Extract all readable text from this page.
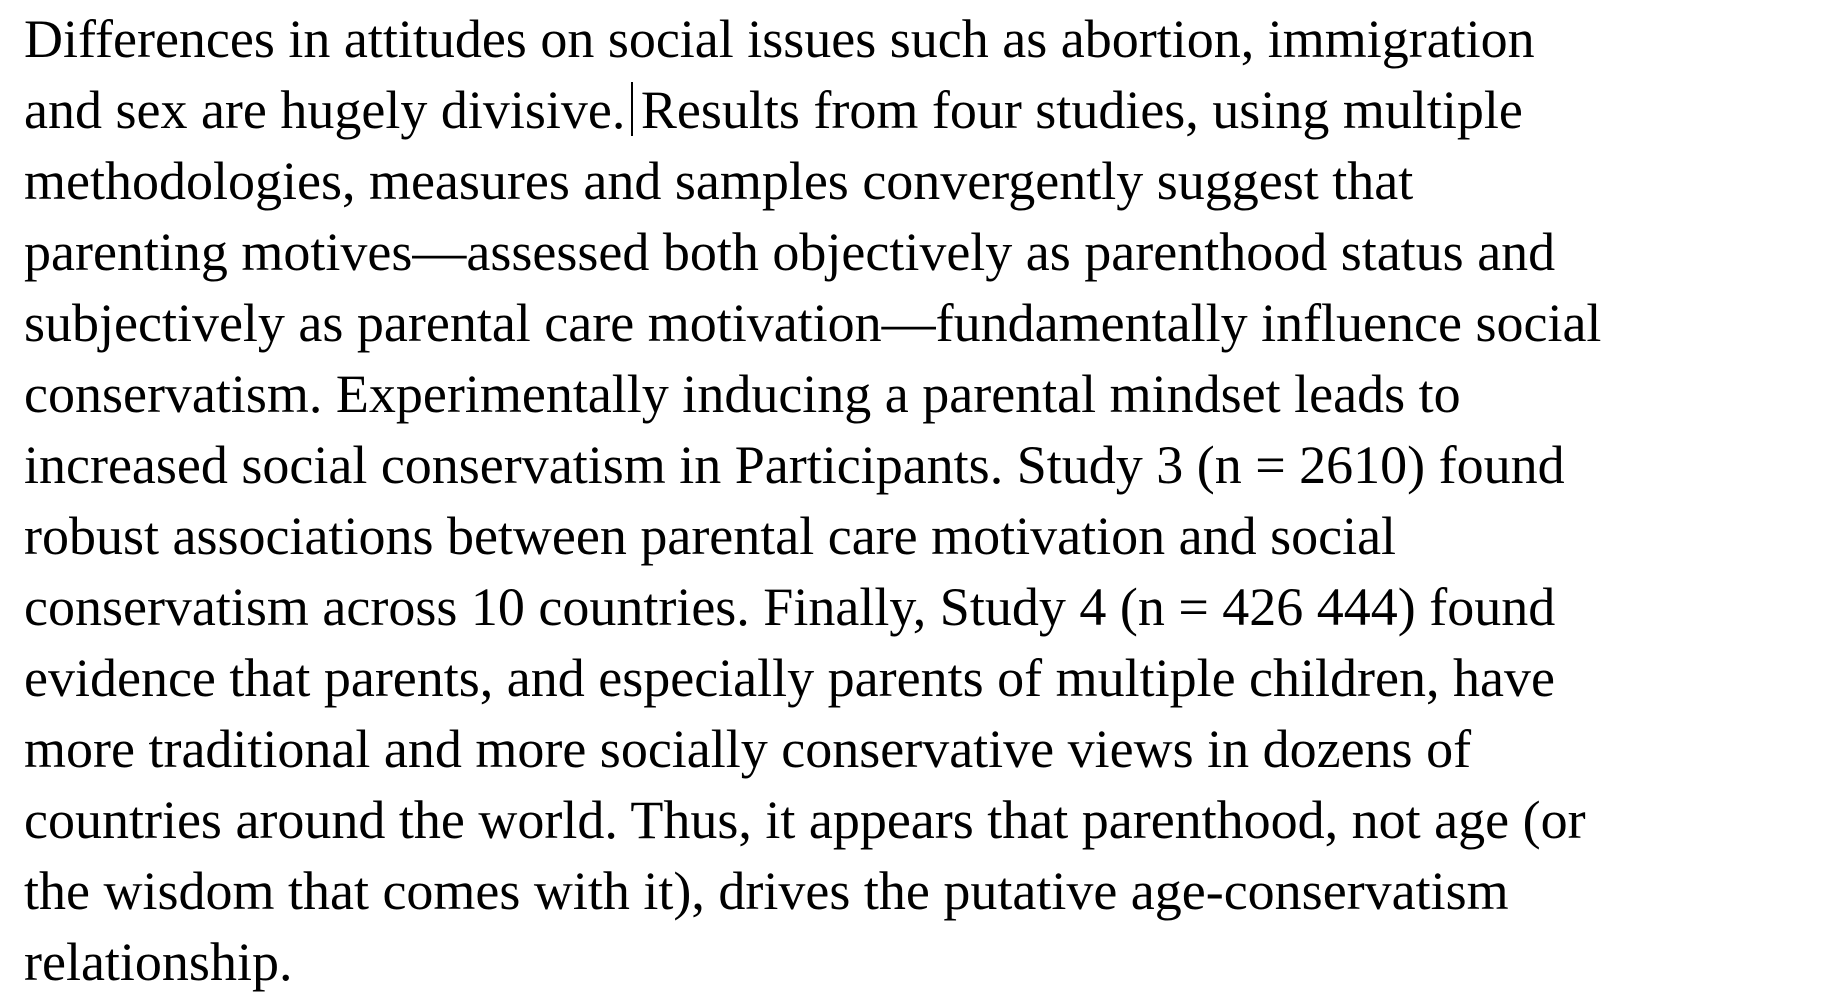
Differences in attitudes on social issues such as abortion, immigration
and sex are hugely divisive. Results from four studies, using multiple
methodologies, measures and samples convergently suggest that
parenting motives—assessed both objectively as parenthood status and
subjectively as parental care motivation—fundamentally influence social
conservatism. Experimentally inducing a parental mindset leads to
increased social conservatism in Participants. Study 3 (n = 2610) found
robust associations between parental care motivation and social
conservatism across 10 countries. Finally, Study 4 (n = 426 444) found
evidence that parents, and especially parents of multiple children, have
more traditional and more socially conservative views in dozens of
countries around the world. Thus, it appears that parenthood, not age (or
the wisdom that comes with it), drives the putative age-conservatism
relationship.
